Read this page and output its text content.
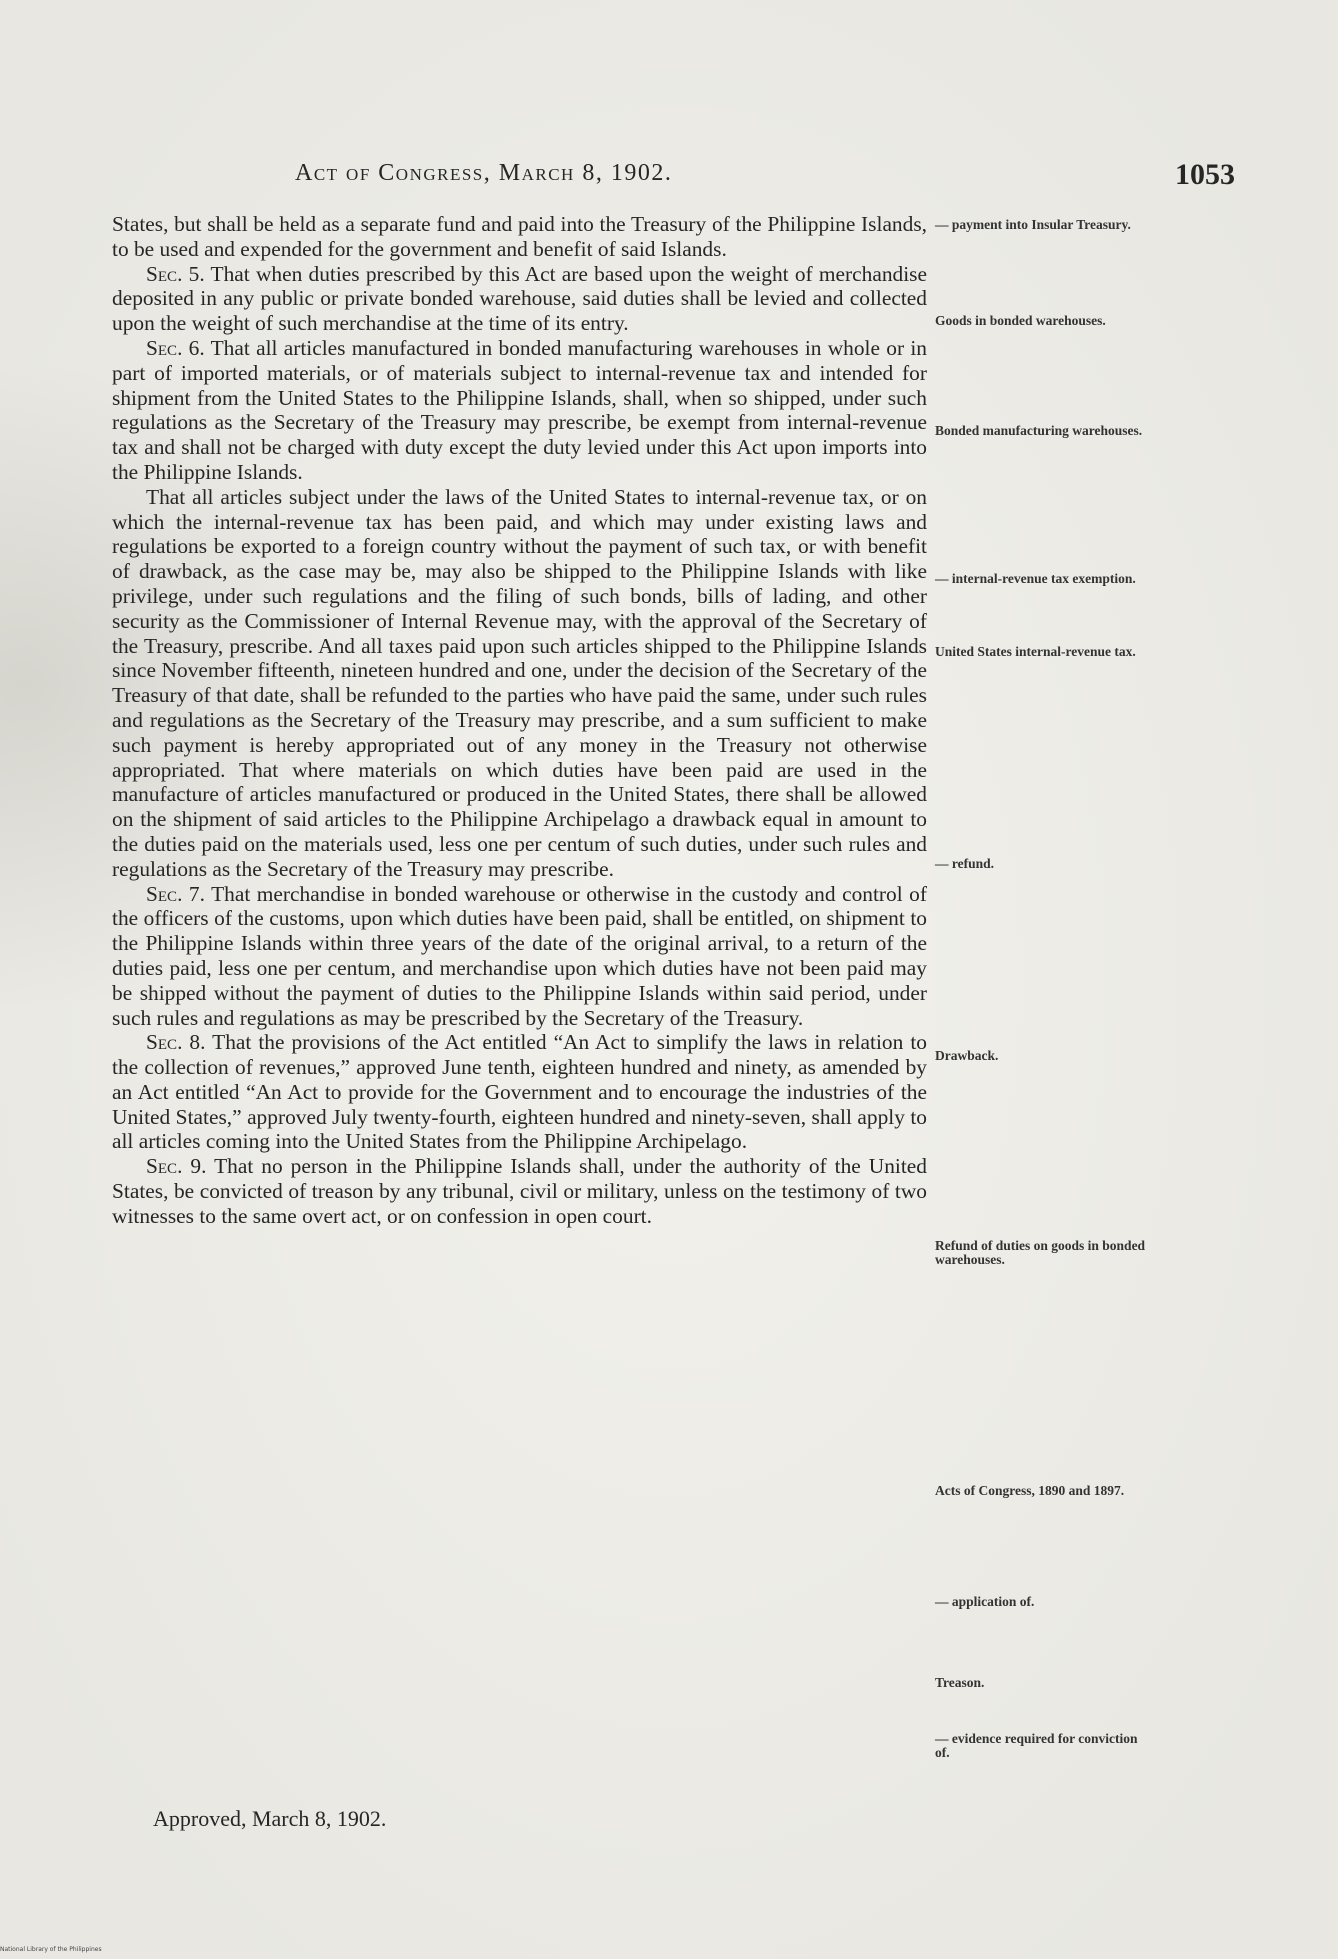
Act of Congress, March 8, 1902.	1053

States, but shall be held as a separate fund and paid into the Treasury of the Philippine Islands, to be used and expended for the government and benefit of said Islands.

Sec. 5. That when duties prescribed by this Act are based upon the weight of merchandise deposited in any public or private bonded warehouse, said duties shall be levied and collected upon the weight of such merchandise at the time of its entry.

Sec. 6. That all articles manufactured in bonded manufacturing warehouses in whole or in part of imported materials, or of materials subject to internal-revenue tax and intended for shipment from the United States to the Philippine Islands, shall, when so shipped, under such regulations as the Secretary of the Treasury may prescribe, be exempt from internal-revenue tax and shall not be charged with duty except the duty levied under this Act upon imports into the Philippine Islands.

That all articles subject under the laws of the United States to internal-revenue tax, or on which the internal-revenue tax has been paid, and which may under existing laws and regulations be exported to a foreign country without the payment of such tax, or with benefit of drawback, as the case may be, may also be shipped to the Philippine Islands with like privilege, under such regulations and the filing of such bonds, bills of lading, and other security as the Commissioner of Internal Revenue may, with the approval of the Secretary of the Treasury, prescribe. And all taxes paid upon such articles shipped to the Philippine Islands since November fifteenth, nineteen hundred and one, under the decision of the Secretary of the Treasury of that date, shall be refunded to the parties who have paid the same, under such rules and regulations as the Secretary of the Treasury may prescribe, and a sum sufficient to make such payment is hereby appropriated out of any money in the Treasury not otherwise appropriated. That where materials on which duties have been paid are used in the manufacture of articles manufactured or produced in the United States, there shall be allowed on the shipment of said articles to the Philippine Archipelago a drawback equal in amount to the duties paid on the materials used, less one per centum of such duties, under such rules and regulations as the Secretary of the Treasury may prescribe.

Sec. 7. That merchandise in bonded warehouse or otherwise in the custody and control of the officers of the customs, upon which duties have been paid, shall be entitled, on shipment to the Philippine Islands within three years of the date of the original arrival, to a return of the duties paid, less one per centum, and merchandise upon which duties have not been paid may be shipped without the payment of duties to the Philippine Islands within said period, under such rules and regulations as may be prescribed by the Secretary of the Treasury.

Sec. 8. That the provisions of the Act entitled “An Act to simplify the laws in relation to the collection of revenues,” approved June tenth, eighteen hundred and ninety, as amended by an Act entitled “An Act to provide for the Government and to encourage the industries of the United States,” approved July twenty-fourth, eighteen hundred and ninety-seven, shall apply to all articles coming into the United States from the Philippine Archipelago.

Sec. 9. That no person in the Philippine Islands shall, under the authority of the United States, be convicted of treason by any tribunal, civil or military, unless on the testimony of two witnesses to the same overt act, or on confession in open court.

Approved, March 8, 1902.
— payment into Insular Treasury.
Goods in bonded warehouses.
Bonded manufacturing warehouses.
— internal-revenue tax exemption.
United States internal-revenue tax.
— refund.
Drawback.
Refund of duties on goods in bonded warehouses.
Acts of Congress, 1890 and 1897.
— application of.
Treason.
— evidence required for conviction of.
National Library of the Philippines
